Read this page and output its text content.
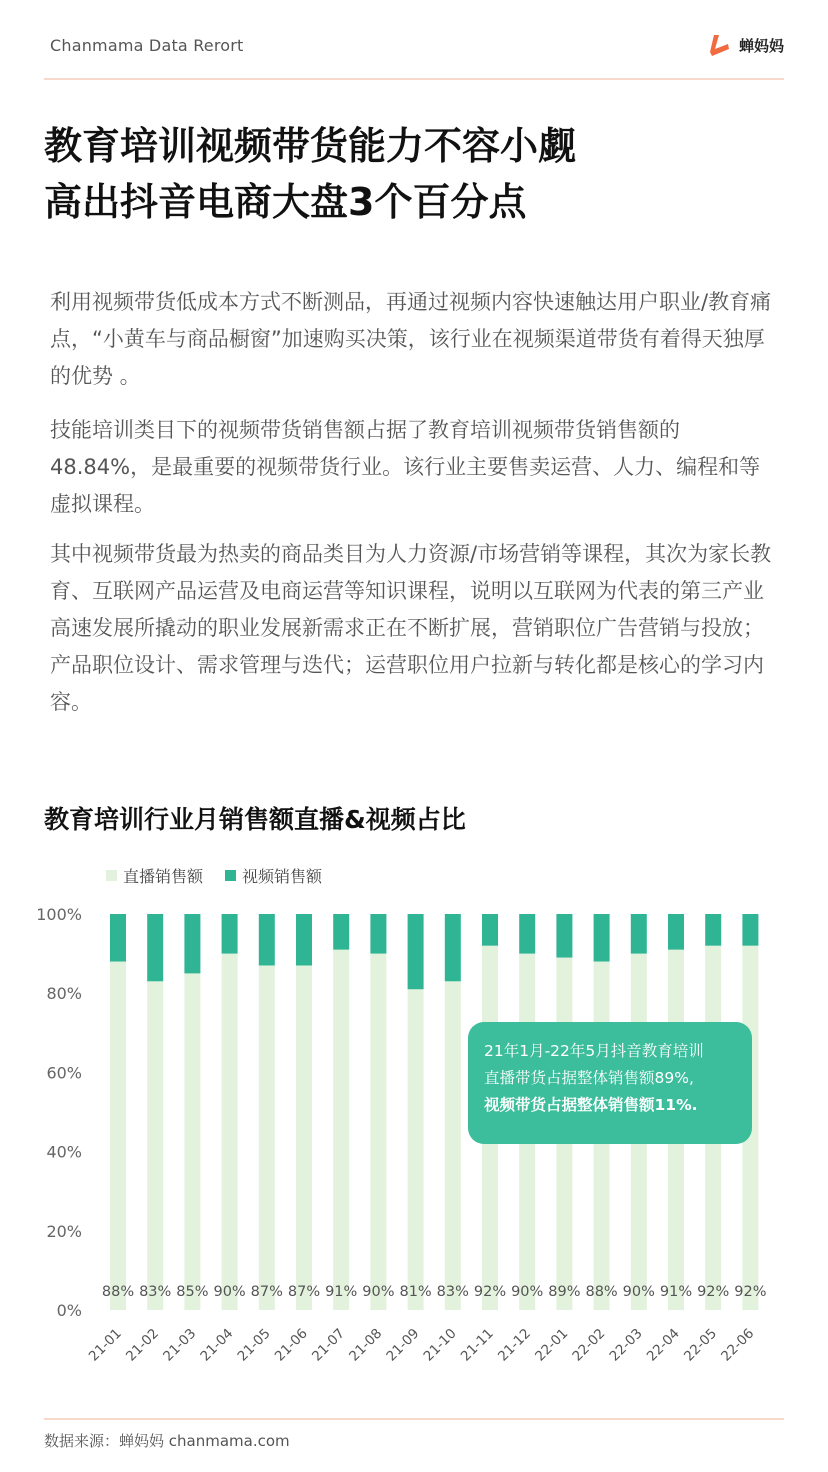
Chanmama Data Rerort	蝉妈妈
教育培训视频带货能力不容小觑
高出抖音电商大盘3个百分点

利用视频带货低成本方式不断测品，再通过视频内容快速触达用户职业/教育痛点，“小黄车与商品橱窗”加速购买决策，该行业在视频渠道带货有着得天独厚的优势 。

技能培训类目下的视频带货销售额占据了教育培训视频带货销售额的48.84%，是最重要的视频带货行业。该行业主要售卖运营、人力、编程和等虚拟课程。

其中视频带货最为热卖的商品类目为人力资源/市场营销等课程，其次为家长教育、互联网产品运营及电商运营等知识课程，说明以互联网为代表的第三产业高速发展所撬动的职业发展新需求正在不断扩展，营销职位广告营销与投放；产品职位设计、需求管理与迭代；运营职位用户拉新与转化都是核心的学习内容。

教育培训行业月销售额直播&视频占比
直播销售额 视频销售额
0%
20%
40%
60%
80%
100%
88%
21-01
83%
21-02
85%
21-03
90%
21-04
87%
21-05
87%
21-06
91%
21-07
90%
21-08
81%
21-09
83%
21-10
92%
21-11
90%
21-12
89%
22-01
88%
22-02
90%
22-03
91%
22-04
92%
22-05
92%
22-06

21年1月-22年5月抖音教育培训

直播带货占据整体销售额89%,

视频带货占据整体销售额11%.

数据来源：蝉妈妈 chanmama.com
